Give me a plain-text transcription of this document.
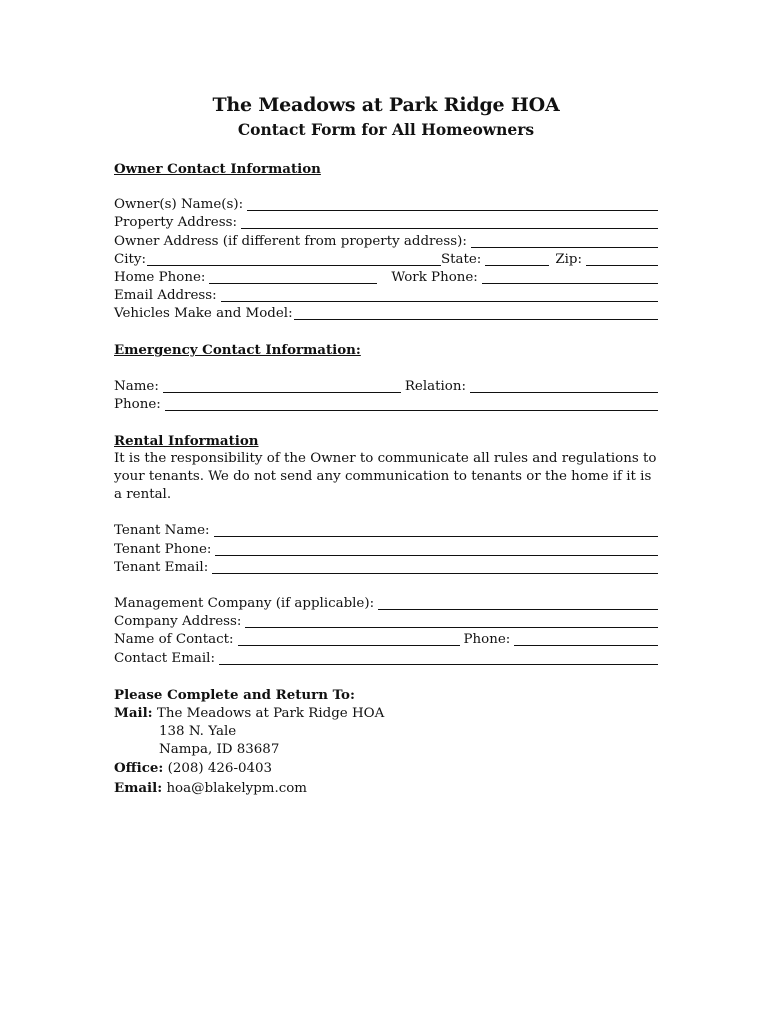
The Meadows at Park Ridge HOA
Contact Form for All Homeowners
Owner Contact Information
Owner(s) Name(s):
Property Address:
Owner Address (if different from property address):
City:	State:	Zip:
Home Phone:	Work Phone:
Email Address:
Vehicles Make and Model:
Emergency Contact Information:
Name:	Relation:
Phone:
Rental Information

It is the responsibility of the Owner to communicate all rules and regulations to your tenants. We do not send any communication to tenants or the home if it is a rental.

Tenant Name:
Tenant Phone:
Tenant Email:
Management Company (if applicable):
Company Address:
Name of Contact:	Phone:
Contact Email:
Please Complete and Return To:
Mail: The Meadows at Park Ridge HOA
138 N. Yale
Nampa, ID 83687
Office: (208) 426-0403
Email: hoa@blakelypm.com
